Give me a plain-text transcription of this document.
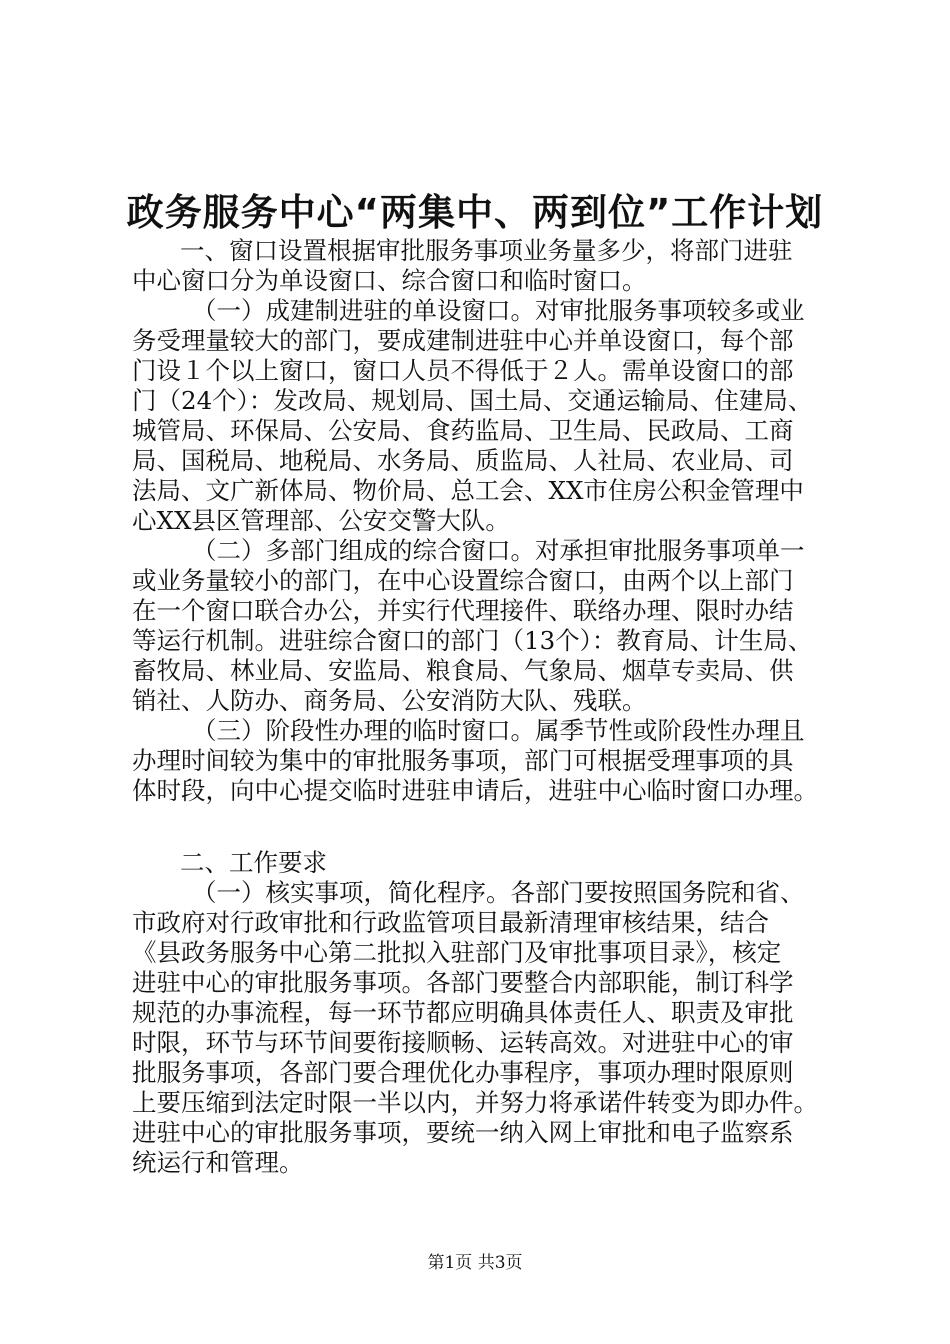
政务服务中心“两集中、两到位”工作计划
一、窗口设置根据审批服务事项业务量多少，将部门进驻
中心窗口分为单设窗口、综合窗口和临时窗口。
（一）成建制进驻的单设窗口。对审批服务事项较多或业
务受理量较大的部门，要成建制进驻中心并单设窗口，每个部
门设１个以上窗口，窗口人员不得低于２人。需单设窗口的部
门（24个）：发改局、规划局、国土局、交通运输局、住建局、
城管局、环保局、公安局、食药监局、卫生局、民政局、工商
局、国税局、地税局、水务局、质监局、人社局、农业局、司
法局、文广新体局、物价局、总工会、XX市住房公积金管理中
心XX县区管理部、公安交警大队。
（二）多部门组成的综合窗口。对承担审批服务事项单一
或业务量较小的部门，在中心设置综合窗口，由两个以上部门
在一个窗口联合办公，并实行代理接件、联络办理、限时办结
等运行机制。进驻综合窗口的部门（13个）：教育局、计生局、
畜牧局、林业局、安监局、粮食局、气象局、烟草专卖局、供
销社、人防办、商务局、公安消防大队、残联。
（三）阶段性办理的临时窗口。属季节性或阶段性办理且
办理时间较为集中的审批服务事项，部门可根据受理事项的具
体时段，向中心提交临时进驻申请后，进驻中心临时窗口办理。
二、工作要求
（一）核实事项，简化程序。各部门要按照国务院和省、
市政府对行政审批和行政监管项目最新清理审核结果，结合
《县政务服务中心第二批拟入驻部门及审批事项目录》，核定
进驻中心的审批服务事项。各部门要整合内部职能，制订科学
规范的办事流程，每一环节都应明确具体责任人、职责及审批
时限，环节与环节间要衔接顺畅、运转高效。对进驻中心的审
批服务事项，各部门要合理优化办事程序，事项办理时限原则
上要压缩到法定时限一半以内，并努力将承诺件转变为即办件。
进驻中心的审批服务事项，要统一纳入网上审批和电子监察系
统运行和管理。
第1页 共3页
